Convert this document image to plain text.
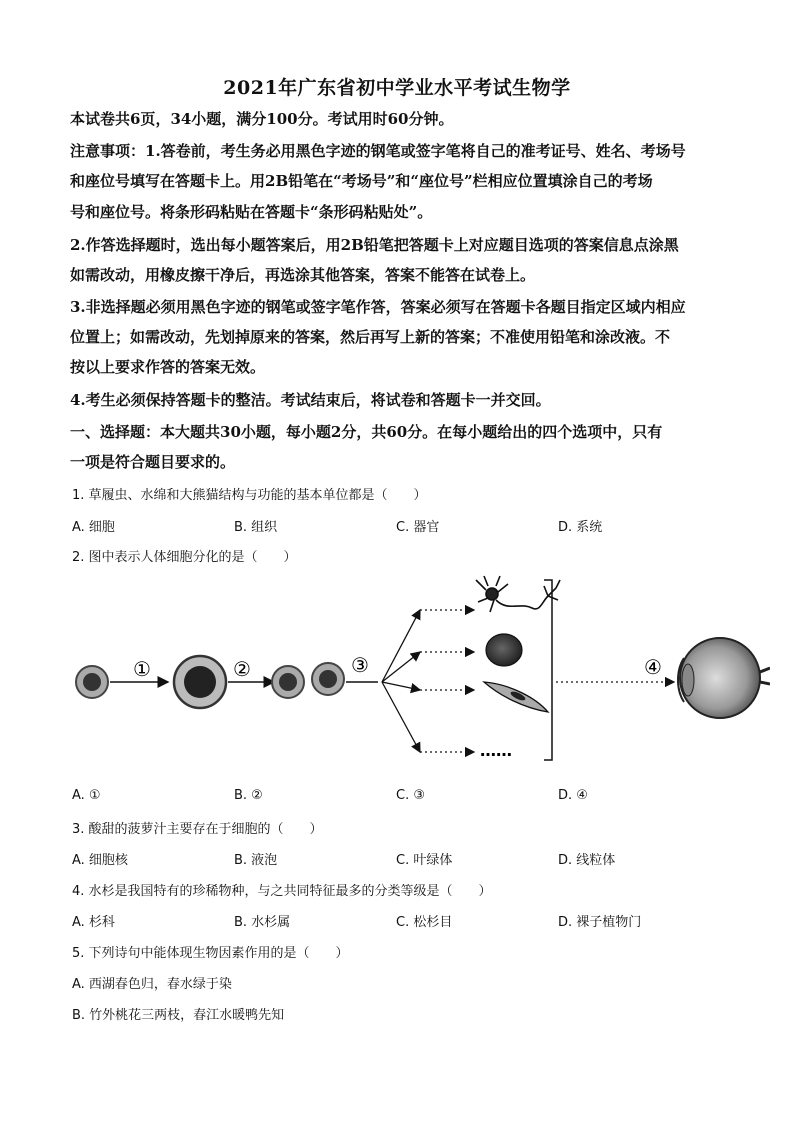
2021年广东省初中学业水平考试生物学
本试卷共6页，34小题，满分100分。考试用时60分钟。
注意事项：1.答卷前，考生务必用黑色字迹的钢笔或签字笔将自己的准考证号、姓名、考场号
和座位号填写在答题卡上。用2B铅笔在“考场号”和“座位号”栏相应位置填涂自己的考场
号和座位号。将条形码粘贴在答题卡“条形码粘贴处”。
2.作答选择题时，选出每小题答案后，用2B铅笔把答题卡上对应题目选项的答案信息点涂黑
如需改动，用橡皮擦干净后，再选涂其他答案，答案不能答在试卷上。
3.非选择题必须用黑色字迹的钢笔或签字笔作答，答案必须写在答题卡各题目指定区域内相应
位置上；如需改动，先划掉原来的答案，然后再写上新的答案；不准使用铅笔和涂改液。不
按以上要求作答的答案无效。
4.考生必须保持答题卡的整洁。考试结束后，将试卷和答题卡一并交回。
一、选择题：本大题共30小题，每小题2分，共60分。在每小题给出的四个选项中，只有
一项是符合题目要求的。
1. 草履虫、水绵和大熊猫结构与功能的基本单位都是（　　）
A. 细胞	B. 组织	C. 器官	D. 系统
2. 图中表示人体细胞分化的是（　　）
①	②	③
……
④
A. ①	B. ②	C. ③	D. ④
3. 酸甜的菠萝汁主要存在于细胞的（　　）
A. 细胞核	B. 液泡	C. 叶绿体	D. 线粒体
4. 水杉是我国特有的珍稀物种，与之共同特征最多的分类等级是（　　）
A. 杉科	B. 水杉属	C. 松杉目	D. 裸子植物门
5. 下列诗句中能体现生物因素作用的是（　　）
A. 西湖春色归，春水绿于染
B. 竹外桃花三两枝，春江水暖鸭先知
